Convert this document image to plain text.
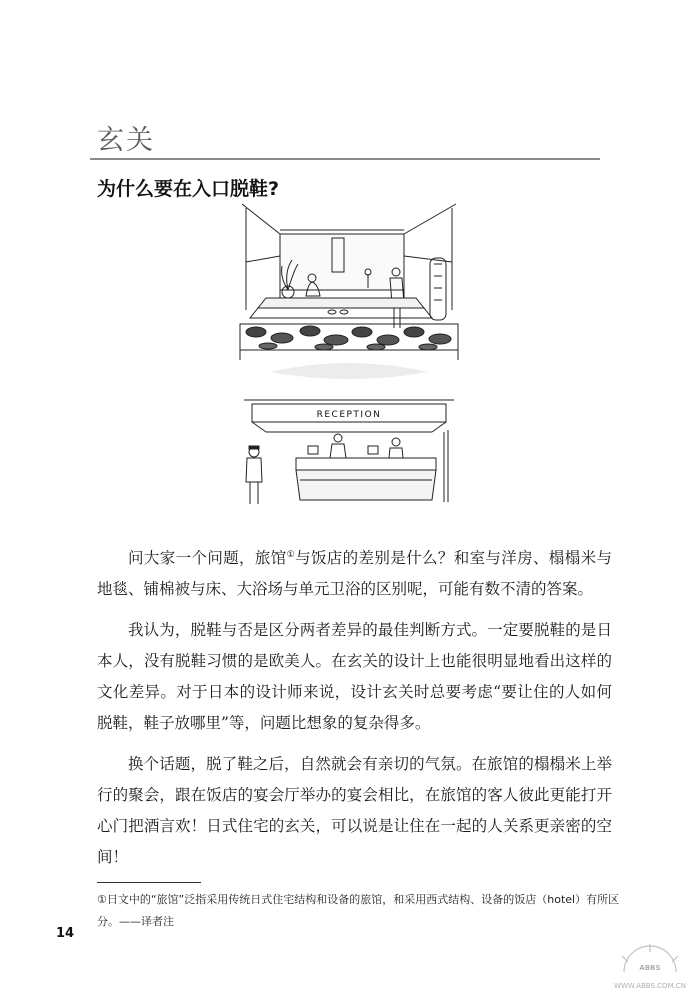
玄关
为什么要在入口脱鞋?
RECEPTION

问大家一个问题，旅馆①与饭店的差别是什么？和室与洋房、榻榻米与地毯、铺棉被与床、大浴场与单元卫浴的区别呢，可能有数不清的答案。

我认为，脱鞋与否是区分两者差异的最佳判断方式。一定要脱鞋的是日本人，没有脱鞋习惯的是欧美人。在玄关的设计上也能很明显地看出这样的文化差异。对于日本的设计师来说，设计玄关时总要考虑“要让住的人如何脱鞋，鞋子放哪里”等，问题比想象的复杂得多。

换个话题，脱了鞋之后，自然就会有亲切的气氛。在旅馆的榻榻米上举行的聚会，跟在饭店的宴会厅举办的宴会相比，在旅馆的客人彼此更能打开心门把酒言欢！日式住宅的玄关，可以说是让住在一起的人关系更亲密的空间！

①日文中的“旅馆”泛指采用传统日式住宅结构和设备的旅馆，和采用西式结构、设备的饭店（hotel）有所区分。——译者注
14
ABBS
WWW.ABBS.COM.CN
